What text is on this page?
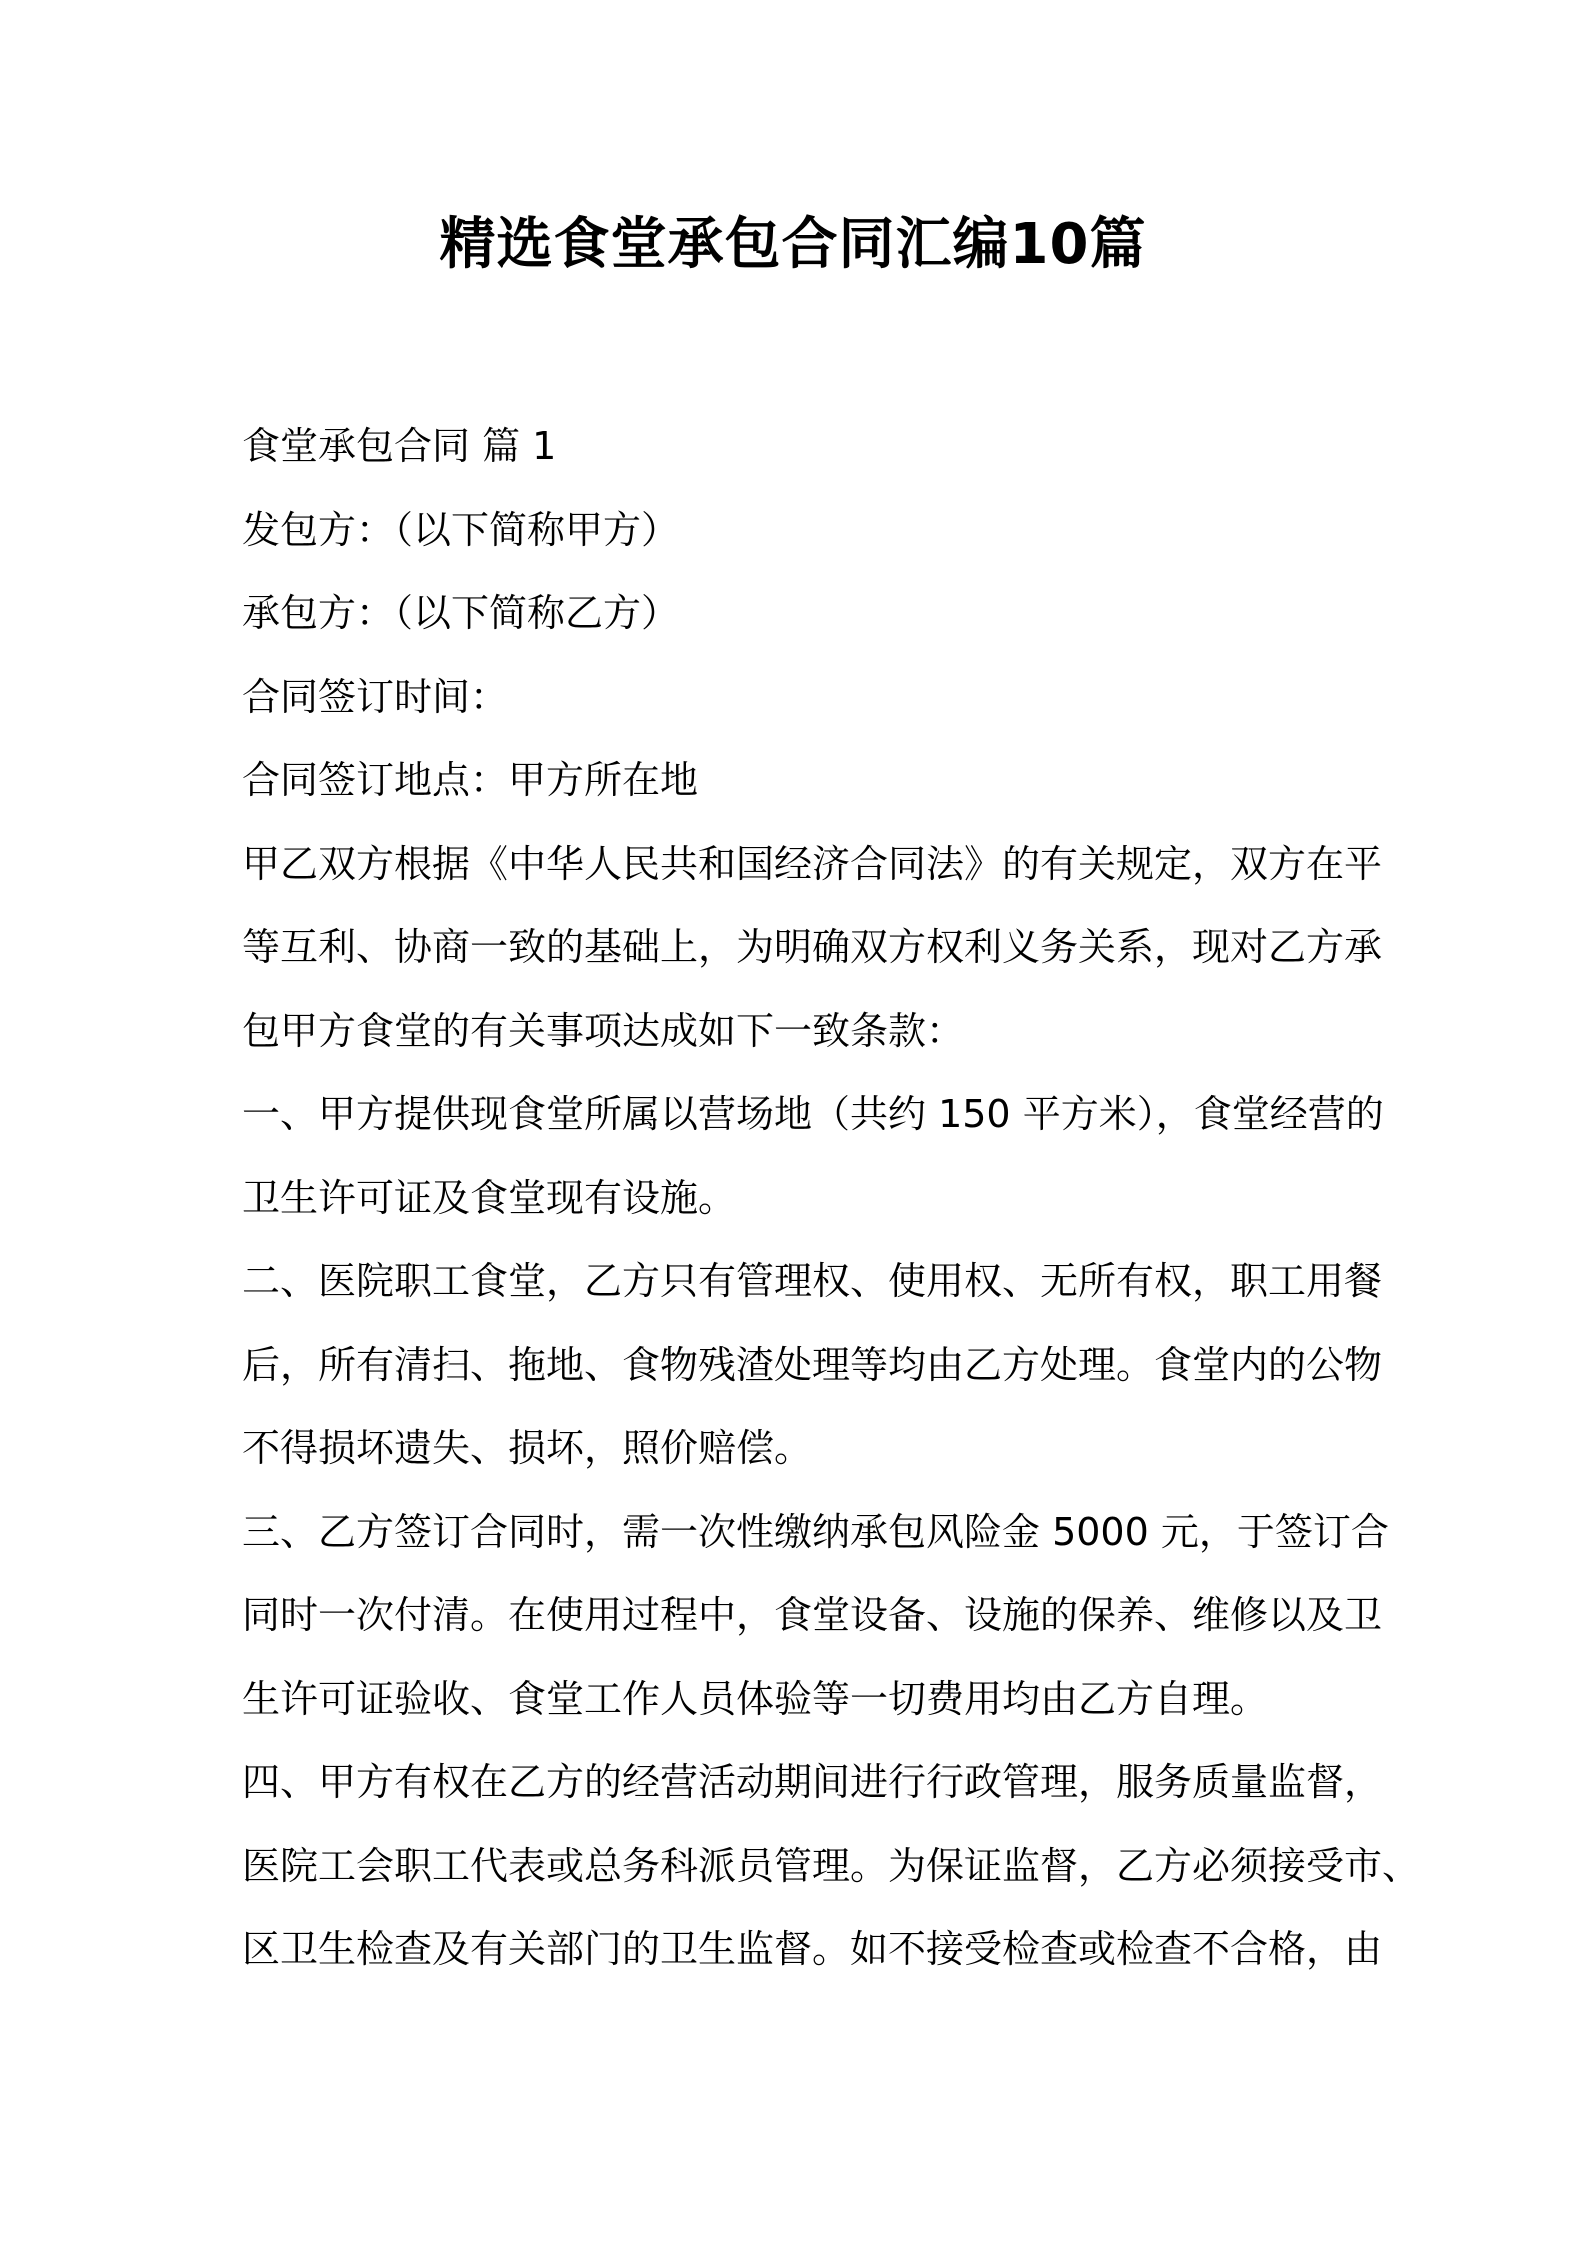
精选食堂承包合同汇编10篇
食堂承包合同 篇 1
发包方：（以下简称甲方）
承包方：（以下简称乙方）
合同签订时间：
合同签订地点：甲方所在地
甲乙双方根据《中华人民共和国经济合同法》的有关规定，双方在平
等互利、协商一致的基础上，为明确双方权利义务关系，现对乙方承
包甲方食堂的有关事项达成如下一致条款：
一、甲方提供现食堂所属以营场地（共约 150 平方米），食堂经营的
卫生许可证及食堂现有设施。
二、医院职工食堂，乙方只有管理权、使用权、无所有权，职工用餐
后，所有清扫、拖地、食物残渣处理等均由乙方处理。食堂内的公物
不得损坏遗失、损坏，照价赔偿。
三、乙方签订合同时，需一次性缴纳承包风险金 5000 元，于签订合
同时一次付清。在使用过程中，食堂设备、设施的保养、维修以及卫
生许可证验收、食堂工作人员体验等一切费用均由乙方自理。
四、甲方有权在乙方的经营活动期间进行行政管理，服务质量监督，
医院工会职工代表或总务科派员管理。为保证监督，乙方必须接受市、
区卫生检查及有关部门的卫生监督。如不接受检查或检查不合格，由
